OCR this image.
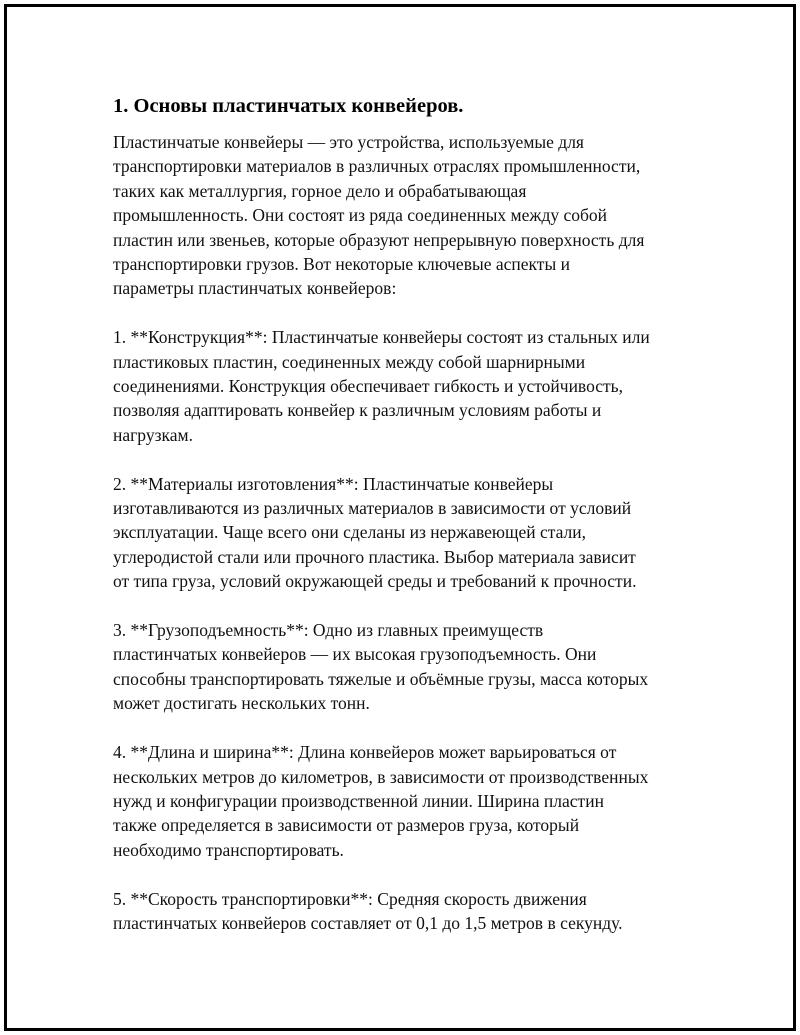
1. Основы пластинчатых конвейеров.

Пластинчатые конвейеры — это устройства, используемые для
транспортировки материалов в различных отраслях промышленности,
таких как металлургия, горное дело и обрабатывающая
промышленность. Они состоят из ряда соединенных между собой
пластин или звеньев, которые образуют непрерывную поверхность для
транспортировки грузов. Вот некоторые ключевые аспекты и
параметры пластинчатых конвейеров:

1. **Конструкция**: Пластинчатые конвейеры состоят из стальных или
пластиковых пластин, соединенных между собой шарнирными
соединениями. Конструкция обеспечивает гибкость и устойчивость,
позволяя адаптировать конвейер к различным условиям работы и
нагрузкам.

2. **Материалы изготовления**: Пластинчатые конвейеры
изготавливаются из различных материалов в зависимости от условий
эксплуатации. Чаще всего они сделаны из нержавеющей стали,
углеродистой стали или прочного пластика. Выбор материала зависит
от типа груза, условий окружающей среды и требований к прочности.

3. **Грузоподъемность**: Одно из главных преимуществ
пластинчатых конвейеров — их высокая грузоподъемность. Они
способны транспортировать тяжелые и объёмные грузы, масса которых
может достигать нескольких тонн.

4. **Длина и ширина**: Длина конвейеров может варьироваться от
нескольких метров до километров, в зависимости от производственных
нужд и конфигурации производственной линии. Ширина пластин
также определяется в зависимости от размеров груза, который
необходимо транспортировать.

5. **Скорость транспортировки**: Средняя скорость движения
пластинчатых конвейеров составляет от 0,1 до 1,5 метров в секунду.
